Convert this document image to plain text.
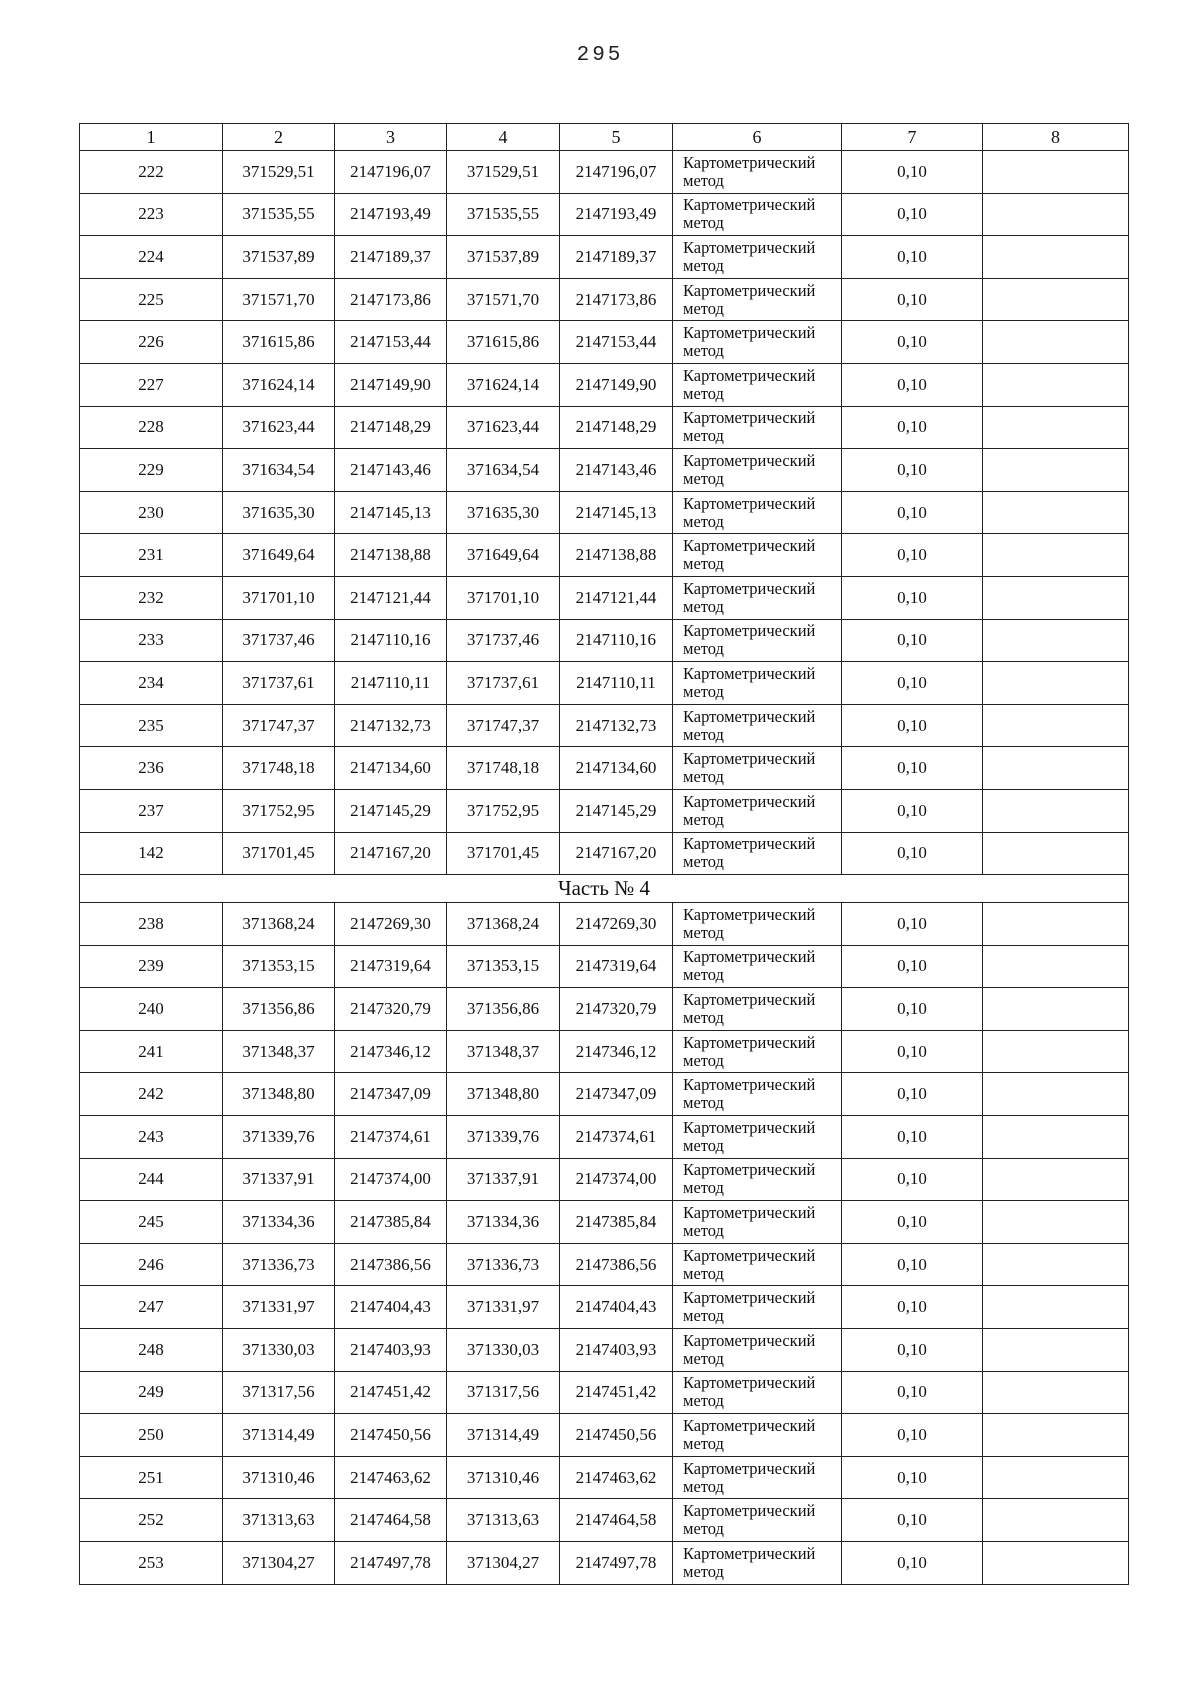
295
1	2	3	4	5	6	7	8
222	371529,51	2147196,07	371529,51	2147196,07	Картометрический метод	0,10	
223	371535,55	2147193,49	371535,55	2147193,49	Картометрический метод	0,10	
224	371537,89	2147189,37	371537,89	2147189,37	Картометрический метод	0,10	
225	371571,70	2147173,86	371571,70	2147173,86	Картометрический метод	0,10	
226	371615,86	2147153,44	371615,86	2147153,44	Картометрический метод	0,10	
227	371624,14	2147149,90	371624,14	2147149,90	Картометрический метод	0,10	
228	371623,44	2147148,29	371623,44	2147148,29	Картометрический метод	0,10	
229	371634,54	2147143,46	371634,54	2147143,46	Картометрический метод	0,10	
230	371635,30	2147145,13	371635,30	2147145,13	Картометрический метод	0,10	
231	371649,64	2147138,88	371649,64	2147138,88	Картометрический метод	0,10	
232	371701,10	2147121,44	371701,10	2147121,44	Картометрический метод	0,10	
233	371737,46	2147110,16	371737,46	2147110,16	Картометрический метод	0,10	
234	371737,61	2147110,11	371737,61	2147110,11	Картометрический метод	0,10	
235	371747,37	2147132,73	371747,37	2147132,73	Картометрический метод	0,10	
236	371748,18	2147134,60	371748,18	2147134,60	Картометрический метод	0,10	
237	371752,95	2147145,29	371752,95	2147145,29	Картометрический метод	0,10	
142	371701,45	2147167,20	371701,45	2147167,20	Картометрический метод	0,10	
Часть № 4							
238	371368,24	2147269,30	371368,24	2147269,30	Картометрический метод	0,10	
239	371353,15	2147319,64	371353,15	2147319,64	Картометрический метод	0,10	
240	371356,86	2147320,79	371356,86	2147320,79	Картометрический метод	0,10	
241	371348,37	2147346,12	371348,37	2147346,12	Картометрический метод	0,10	
242	371348,80	2147347,09	371348,80	2147347,09	Картометрический метод	0,10	
243	371339,76	2147374,61	371339,76	2147374,61	Картометрический метод	0,10	
244	371337,91	2147374,00	371337,91	2147374,00	Картометрический метод	0,10	
245	371334,36	2147385,84	371334,36	2147385,84	Картометрический метод	0,10	
246	371336,73	2147386,56	371336,73	2147386,56	Картометрический метод	0,10	
247	371331,97	2147404,43	371331,97	2147404,43	Картометрический метод	0,10	
248	371330,03	2147403,93	371330,03	2147403,93	Картометрический метод	0,10	
249	371317,56	2147451,42	371317,56	2147451,42	Картометрический метод	0,10	
250	371314,49	2147450,56	371314,49	2147450,56	Картометрический метод	0,10	
251	371310,46	2147463,62	371310,46	2147463,62	Картометрический метод	0,10	
252	371313,63	2147464,58	371313,63	2147464,58	Картометрический метод	0,10	
253	371304,27	2147497,78	371304,27	2147497,78	Картометрический метод	0,10	
